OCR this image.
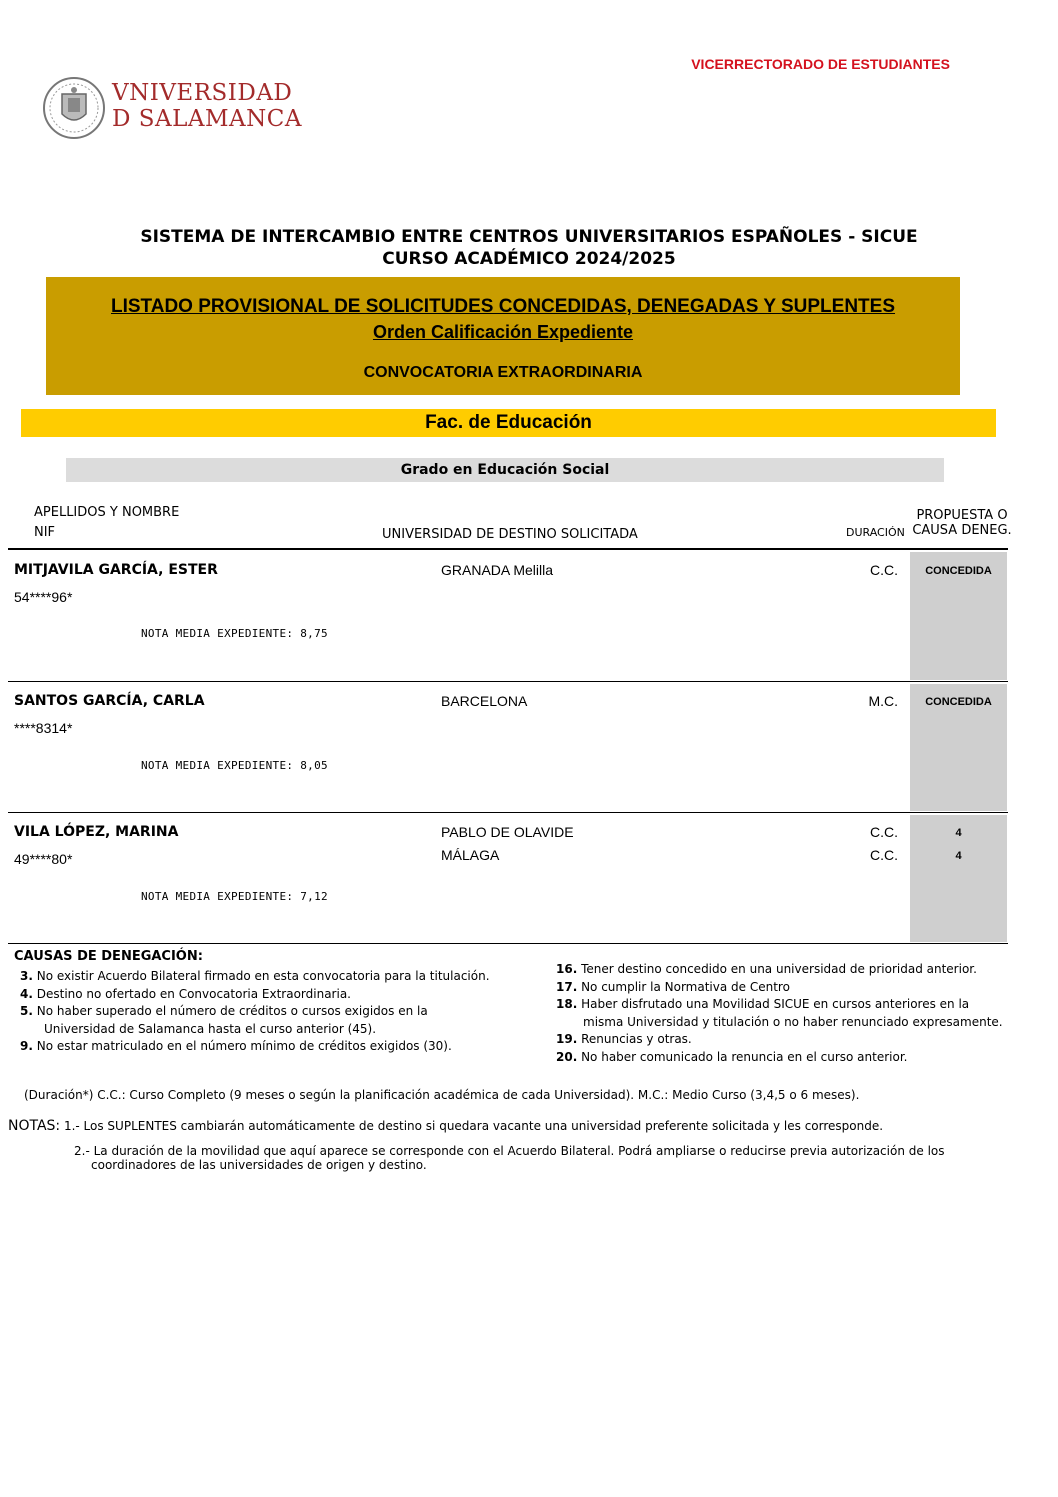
VICERRECTORADO DE ESTUDIANTES
VNIVERSIDAD
D SALAMANCA
SISTEMA DE INTERCAMBIO ENTRE CENTROS UNIVERSITARIOS ESPAÑOLES - SICUE
CURSO ACADÉMICO 2024/2025
LISTADO PROVISIONAL DE SOLICITUDES CONCEDIDAS, DENEGADAS Y SUPLENTES
Orden Calificación Expediente
CONVOCATORIA EXTRAORDINARIA
Fac. de Educación
Grado en Educación Social
APELLIDOS Y NOMBRE
NIF	UNIVERSIDAD DE DESTINO SOLICITADA	DURACIÓN
PROPUESTA O
CAUSA DENEG.
MITJAVILA GARCÍA, ESTER
54****96*
NOTA MEDIA EXPEDIENTE: 8,75
GRANADA Melilla	C.C.	CONCEDIDA
SANTOS GARCÍA, CARLA
****8314*
NOTA MEDIA EXPEDIENTE: 8,05
BARCELONA	M.C.	CONCEDIDA
VILA LÓPEZ, MARINA
49****80*
NOTA MEDIA EXPEDIENTE: 7,12
PABLO DE OLAVIDE	C.C.	4
MÁLAGA	C.C.	4
CAUSAS DE DENEGACIÓN:
3. No existir Acuerdo Bilateral firmado en esta convocatoria para la titulación.
4. Destino no ofertado en Convocatoria Extraordinaria.
5. No haber superado el número de créditos o cursos exigidos en la
Universidad de Salamanca hasta el curso anterior (45).
9. No estar matriculado en el número mínimo de créditos exigidos (30).
16. Tener destino concedido en una universidad de prioridad anterior.
17. No cumplir la Normativa de Centro
18. Haber disfrutado una Movilidad SICUE en cursos anteriores en la
misma Universidad y titulación o no haber renunciado expresamente.
19. Renuncias y otras.
20. No haber comunicado la renuncia en el curso anterior.
(Duración*) C.C.: Curso Completo (9 meses o según la planificación académica de cada Universidad). M.C.: Medio Curso (3,4,5 o 6 meses).
NOTAS: 1.- Los SUPLENTES cambiarán automáticamente de destino si quedara vacante una universidad preferente solicitada y les corresponde.
2.- La duración de la movilidad que aquí aparece se corresponde con el Acuerdo Bilateral. Podrá ampliarse o reducirse previa autorización de los
coordinadores de las universidades de origen y destino.
